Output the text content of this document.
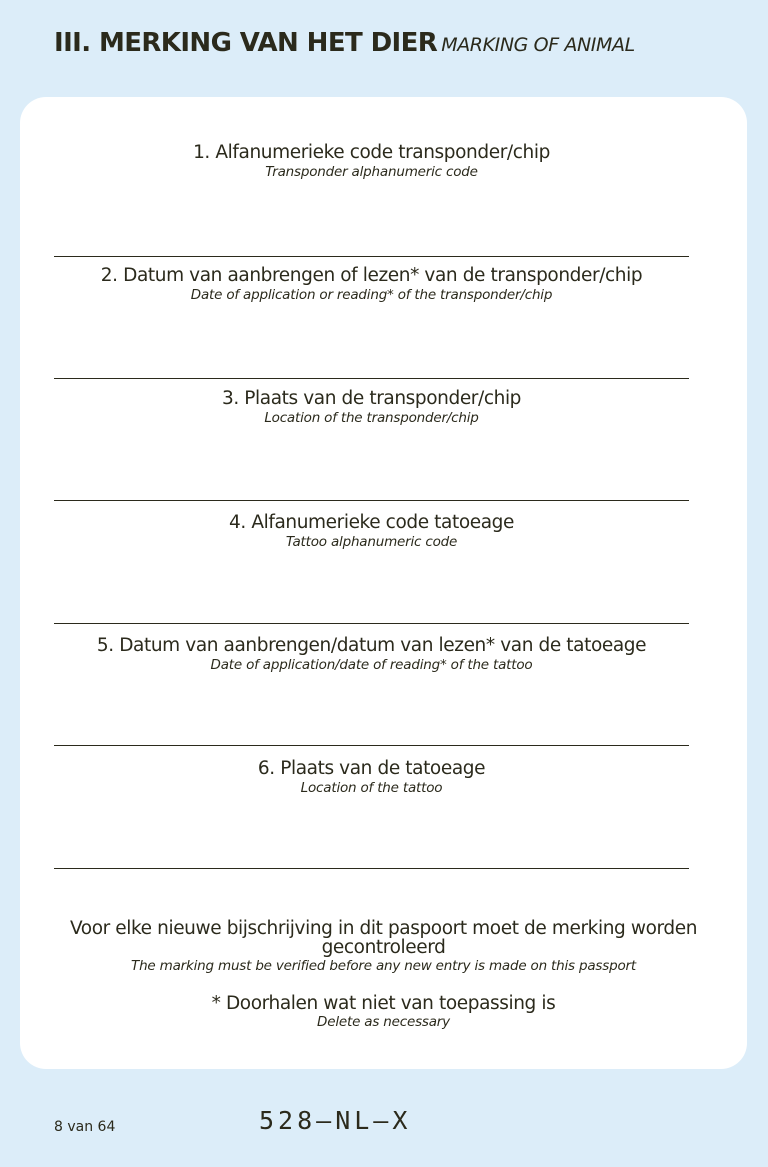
III. MERKING VAN HET DIER MARKING OF ANIMAL
1. Alfanumerieke code transponder/chip
Transponder alphanumeric code
2. Datum van aanbrengen of lezen* van de transponder/chip
Date of application or reading* of the transponder/chip
3. Plaats van de transponder/chip
Location of the transponder/chip
4. Alfanumerieke code tatoeage
Tattoo alphanumeric code
5. Datum van aanbrengen/datum van lezen* van de tatoeage
Date of application/date of reading* of the tattoo
6. Plaats van de tatoeage
Location of the tattoo
Voor elke nieuwe bijschrijving in dit paspoort moet de merking worden gecontroleerd
The marking must be verified before any new entry is made on this passport
* Doorhalen wat niet van toepassing is
Delete as necessary
8 van 64	528–NL–X
